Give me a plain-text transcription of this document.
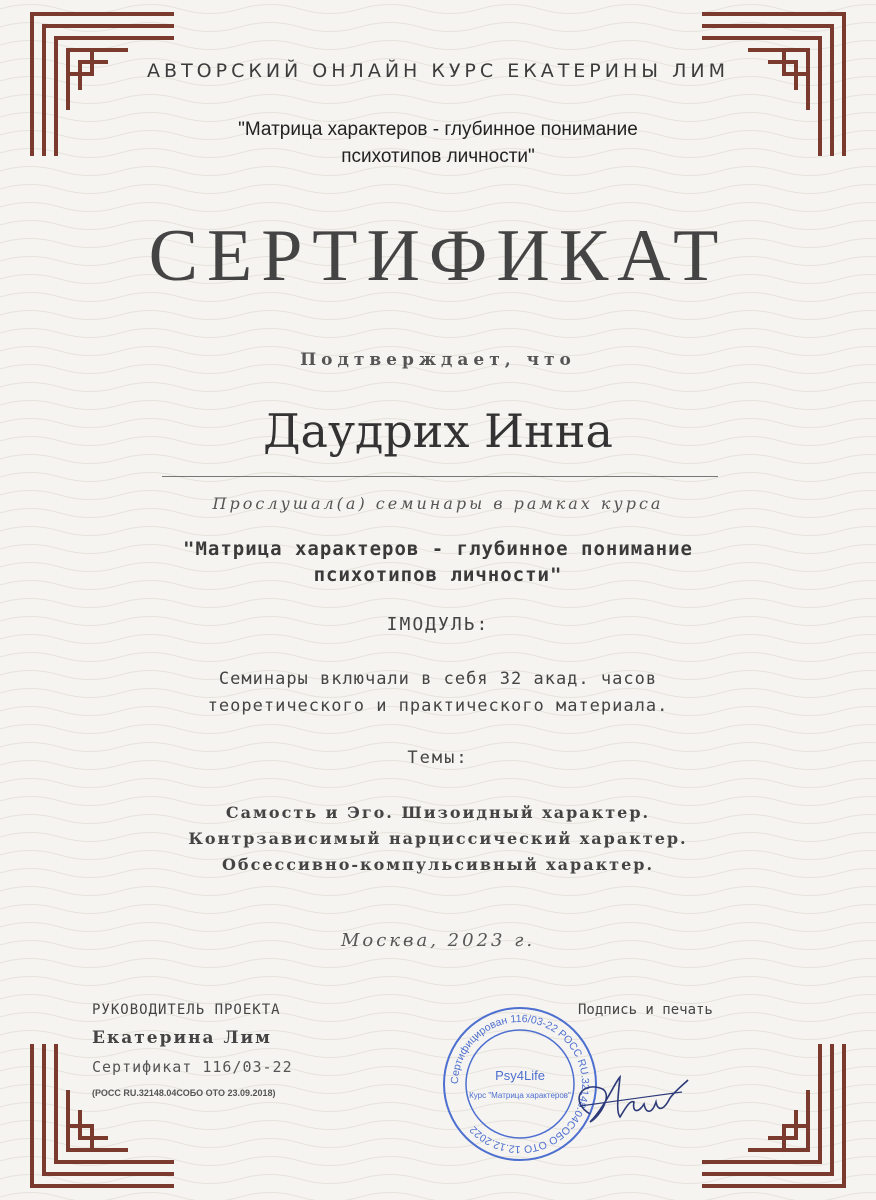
АВТОРСКИЙ ОНЛАЙН КУРС ЕКАТЕРИНЫ ЛИМ
"Матрица характеров - глубинное понимание
психотипов личности"
СЕРТИФИКАТ
Подтверждает, что
Даудрих Инна
Прослушал(а) семинары в рамках курса
"Матрица характеров - глубинное понимание
психотипов личности"
IМОДУЛЬ:
Семинары включали в себя 32 акад. часов
теоретического и практического материала.
Темы:
Самость и Эго. Шизоидный характер.
Контрзависимый нарциссический характер.
Обсессивно-компульсивный характер.
Москва, 2023 г.
РУКОВОДИТЕЛЬ ПРОЕКТА
Екатерина Лим
Сертификат 116/03-22
(РОСС RU.32148.04СОБО ОТО 23.09.2018)
Подпись и печать
Сертифицирован 116/03-22 РОСС RU.32148.04СОБО ОТО 12.12.2022
Psy4Life
Курс "Матрица характеров"
